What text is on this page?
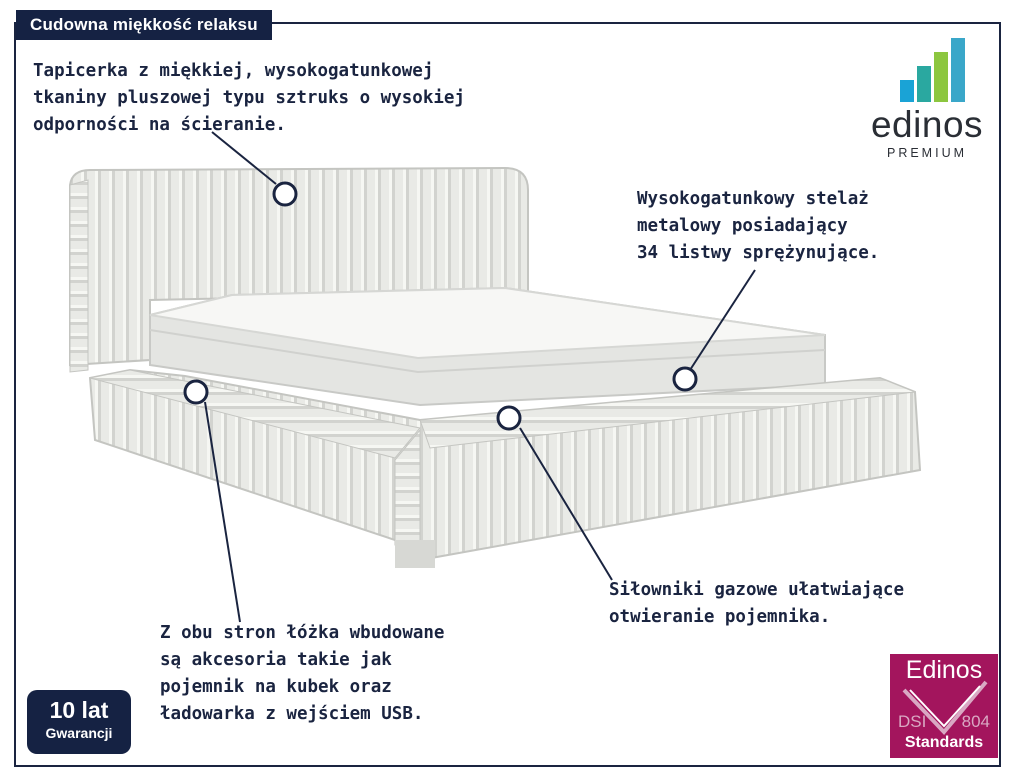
Cudowna miękkość relaksu
Tapicerka z miękkiej, wysokogatunkowej
tkaniny pluszowej typu sztruks o wysokiej
odporności na ścieranie.
Wysokogatunkowy stelaż
metalowy posiadający
34 listwy sprężynujące.
Siłowniki gazowe ułatwiające
otwieranie pojemnika.
Z obu stron łóżka wbudowane
są akcesoria takie jak
pojemnik na kubek oraz
ładowarka z wejściem USB.
edinos
PREMIUM
10 lat
Gwarancji
Edinos
DSI 804
Standards
